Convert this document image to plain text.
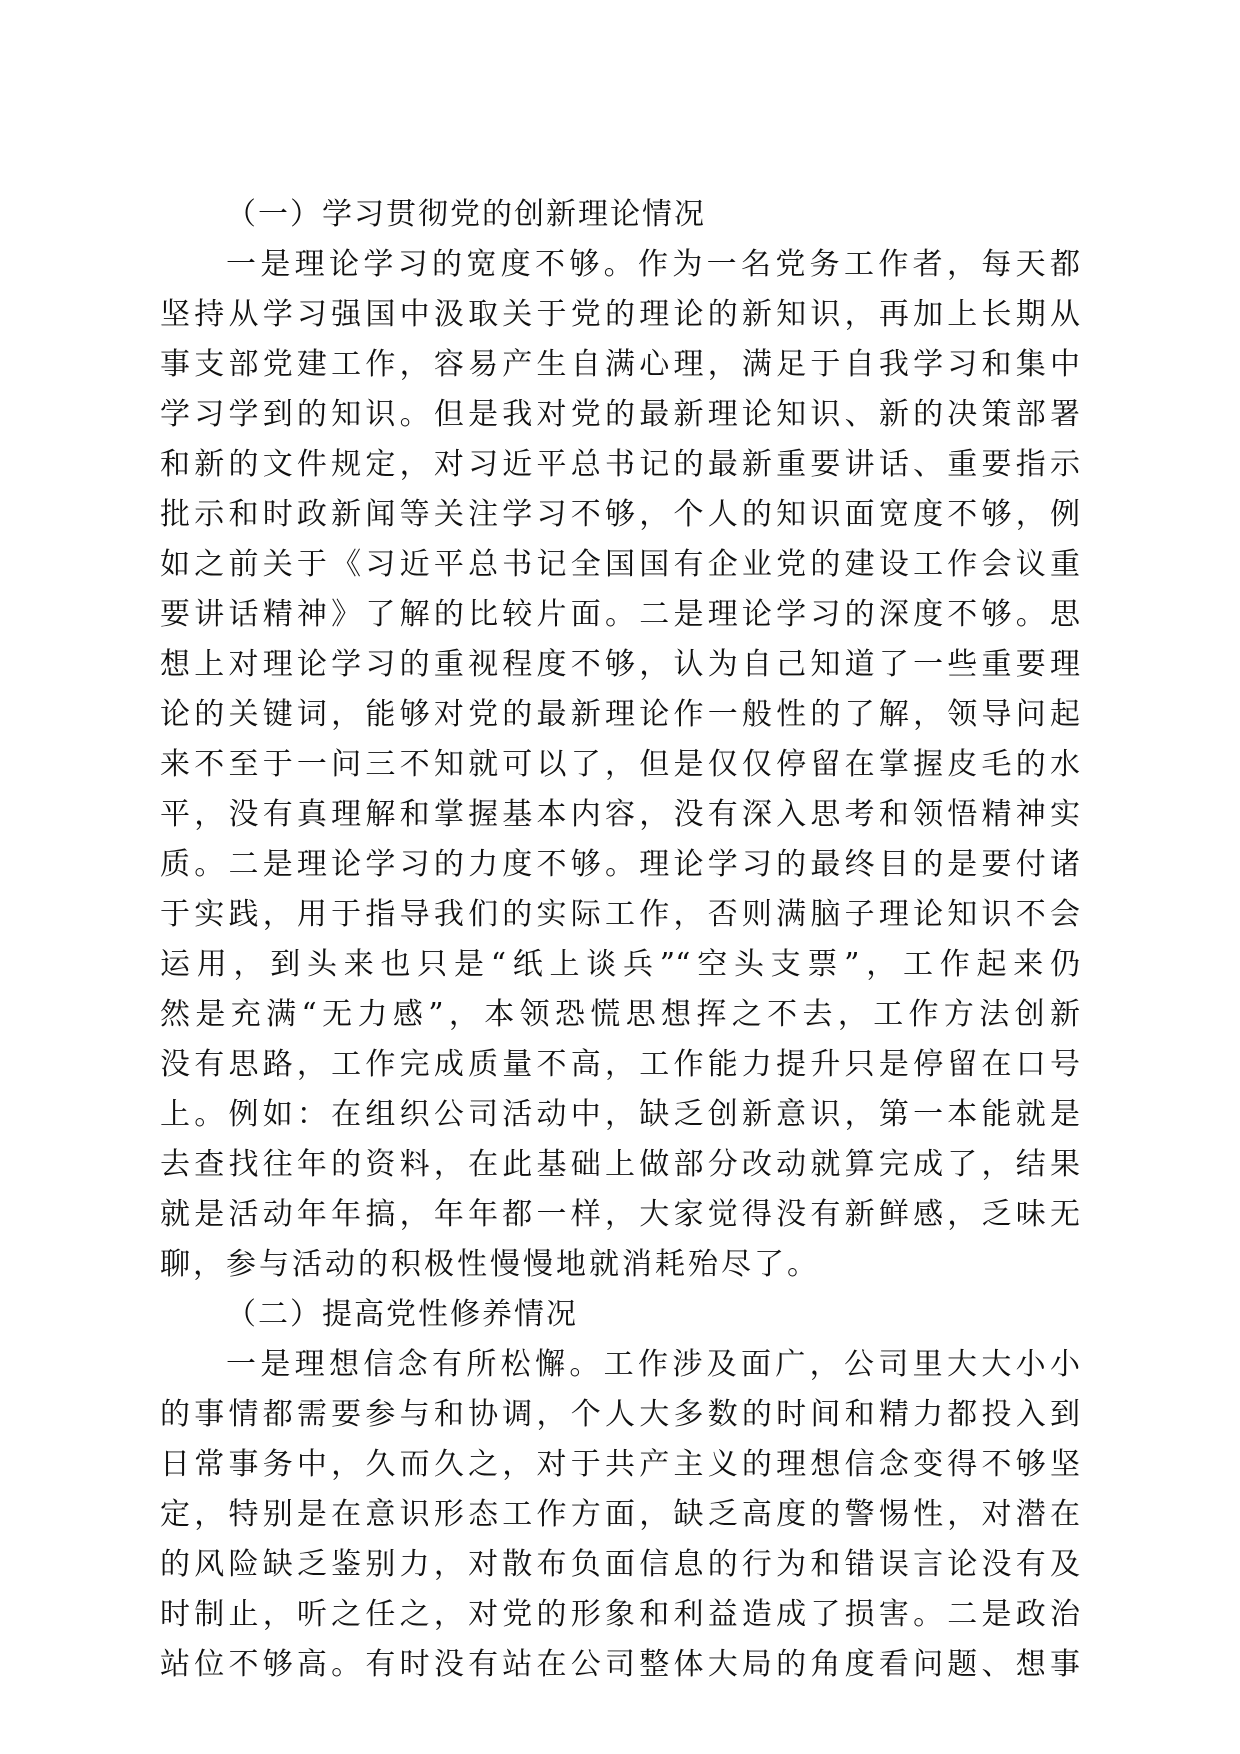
（一）学习贯彻党的创新理论情况

一是理论学习的宽度不够。作为一名党务工作者，每天都
坚持从学习强国中汲取关于党的理论的新知识，再加上长期从
事支部党建工作，容易产生自满心理，满足于自我学习和集中
学习学到的知识。但是我对党的最新理论知识、新的决策部署
和新的文件规定，对习近平总书记的最新重要讲话、重要指示
批示和时政新闻等关注学习不够，个人的知识面宽度不够，例
如之前关于《习近平总书记全国国有企业党的建设工作会议重
要讲话精神》了解的比较片面。二是理论学习的深度不够。思
想上对理论学习的重视程度不够，认为自己知道了一些重要理
论的关键词，能够对党的最新理论作一般性的了解，领导问起
来不至于一问三不知就可以了，但是仅仅停留在掌握皮毛的水
平，没有真理解和掌握基本内容，没有深入思考和领悟精神实
质。二是理论学习的力度不够。理论学习的最终目的是要付诸
于实践，用于指导我们的实际工作，否则满脑子理论知识不会
运用，到头来也只是“纸上谈兵”“空头支票”，工作起来仍
然是充满“无力感”，本领恐慌思想挥之不去，工作方法创新
没有思路，工作完成质量不高，工作能力提升只是停留在口号
上。例如：在组织公司活动中，缺乏创新意识，第一本能就是
去查找往年的资料，在此基础上做部分改动就算完成了，结果
就是活动年年搞，年年都一样，大家觉得没有新鲜感，乏味无
聊，参与活动的积极性慢慢地就消耗殆尽了。

（二）提高党性修养情况

一是理想信念有所松懈。工作涉及面广，公司里大大小小
的事情都需要参与和协调，个人大多数的时间和精力都投入到
日常事务中，久而久之，对于共产主义的理想信念变得不够坚
定，特别是在意识形态工作方面，缺乏高度的警惕性，对潜在
的风险缺乏鉴别力，对散布负面信息的行为和错误言论没有及
时制止，听之任之，对党的形象和利益造成了损害。二是政治
站位不够高。有时没有站在公司整体大局的角度看问题、想事
